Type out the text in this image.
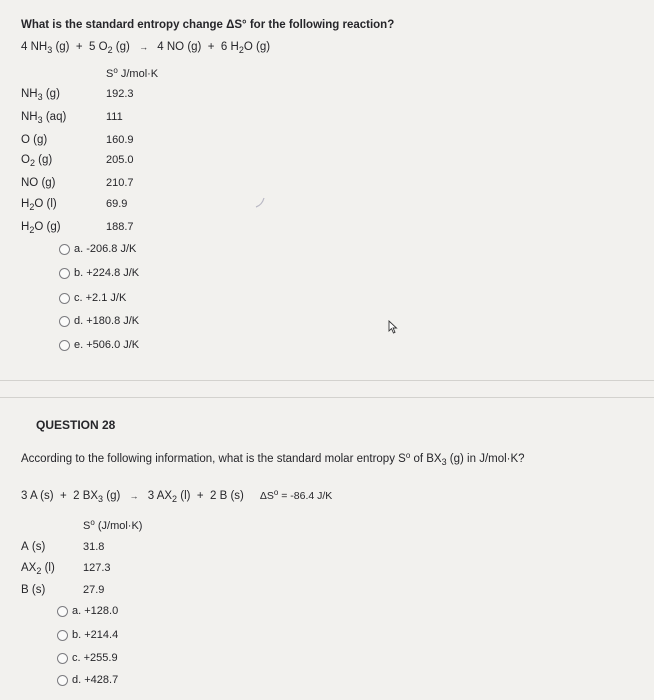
What is the standard entropy change ΔS° for the following reaction?
4 $NH_3$ (g) + 5 $O_2$ (g) → 4 NO (g) + 6 $H_2O$ (g)
$S^o$ J/mol·K
$NH_3$ (g)	192.3
$NH_3$ (aq)	111
O (g)	160.9
$O_2$ (g)	205.0
NO (g)	210.7
$H_2O$ (l)	69.9
$H_2O$ (g)	188.7
a. -206.8 J/K
b. +224.8 J/K
c. +2.1 J/K
d. +180.8 J/K
e. +506.0 J/K
QUESTION 28
According to the following information, what is the standard molar entropy $S^o$ of $BX_3$ (g) in J/mol·K?
3 A (s) + 2 $BX_3$ (g) → 3 $AX_2$ (l) + 2 B (s) $\Delta S^o = -86.4$ J/K
$S^o$ (J/mol·K)
A (s)	31.8
$AX_2$ (l)	127.3
B (s)	27.9
a. +128.0
b. +214.4
c. +255.9
d. +428.7
